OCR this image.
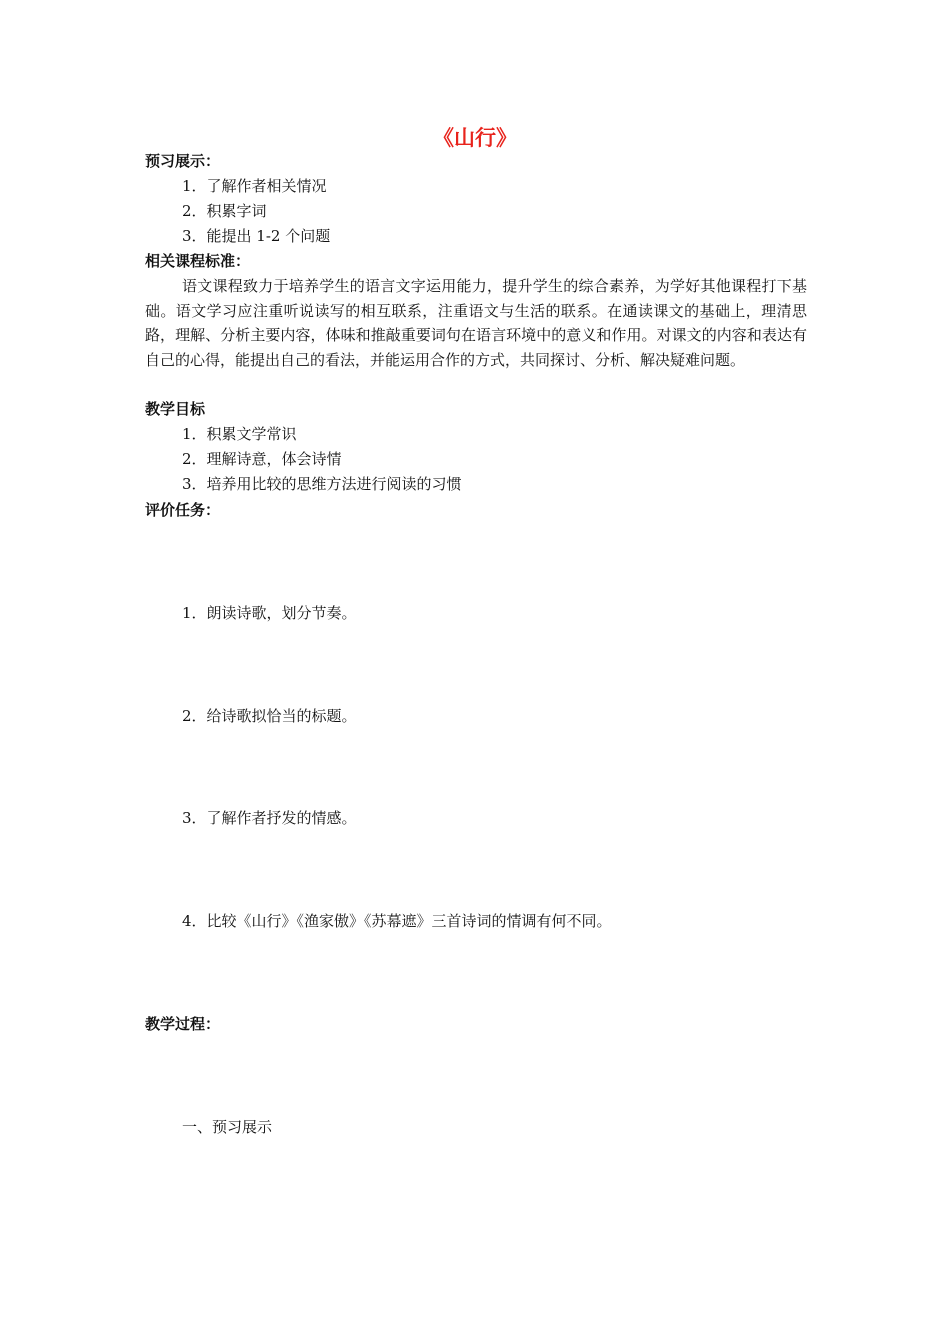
《山行》
预习展示：

1．了解作者相关情况

2．积累字词

3．能提出 1-2 个问题

相关课程标准：

语文课程致力于培养学生的语言文字运用能力，提升学生的综合素养，为学好其他课程打下基础。语文学习应注重听说读写的相互联系，注重语文与生活的联系。在通读课文的基础上，理清思路，理解、分析主要内容，体味和推敲重要词句在语言环境中的意义和作用。对课文的内容和表达有自己的心得，能提出自己的看法，并能运用合作的方式，共同探讨、分析、解决疑难问题。

教学目标

1．积累文学常识

2．理解诗意，体会诗情

3．培养用比较的思维方法进行阅读的习惯

评价任务：

1．朗读诗歌，划分节奏。

2．给诗歌拟恰当的标题。

3．了解作者抒发的情感。

4．比较《山行》《渔家傲》《苏幕遮》三首诗词的情调有何不同。

教学过程：

一、预习展示
